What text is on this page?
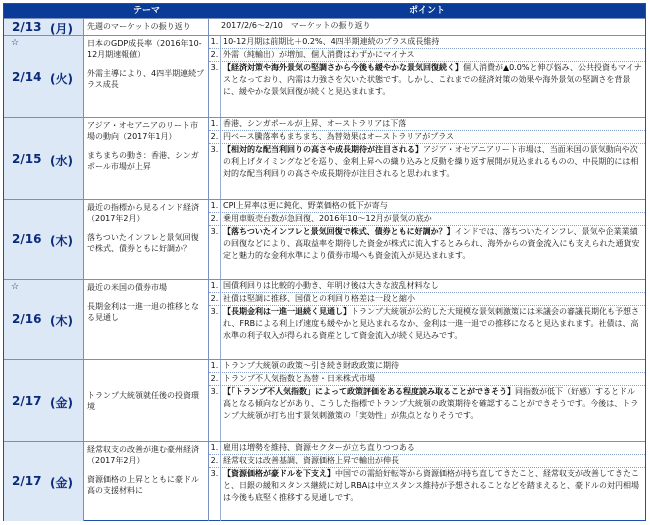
テーマ	ポイント
2/13 (月) 先週のマーケットの振り返り	2017/2/6～2/10　マーケットの振り返り
☆
2/14 (火)

日本のGDP成長率（2016年10-12月期速報値）

外需主導により、4四半期連続プラス成長

1. 10-12月期は前期比＋0.2%、4四半期連続のプラス成長維持
2. 外需（純輸出）が増加、個人消費はわずかにマイナス
3. 【経済対策や海外景気の堅調さから今後も緩やかな景気回復続く】個人消費が▲0.0%と伸び悩み、公共投資もマイナスとなっており、内需は力強さを欠いた状態です。しかし、これまでの経済対策の効果や海外景気の堅調さを背景に、緩やかな景気回復が続くと見込まれます。
2/15 (水)

アジア・オセアニアのリート市場の動向（2017年1月）

まちまちの動き：香港、シンガポール市場が上昇

1. 香港、シンガポールが上昇、オーストラリアは下落
2. 円ベース騰落率もまちまち、為替効果はオーストラリアがプラス
3. 【相対的な配当利回りの高さや成長期待が注目される】アジア・オセアニアリート市場は、当面米国の景気動向や次の利上げタイミングなどを巡り、金利上昇への織り込みと反動を繰り返す展開が見込まれるものの、中長期的には相対的な配当利回りの高さや成長期待が注目されると思われます。
2/16 (木)

最近の指標から見るインド経済（2017年2月）

落ちついたインフレと景気回復で株式、債券ともに好調か？

1. CPI上昇率は更に鈍化、野菜価格の低下が寄与
2. 乗用車販売台数が急回復、2016年10～12月が景気の底か
3. 【落ちついたインフレと景気回復で株式、債券ともに好調か？】インドでは、落ちついたインフレ、景気や企業業績の回復などにより、高取益率を期待した資金が株式に流入するとみられ、海外からの資金流入にも支えられた通貨安定と魅力的な金利水準により債券市場へも資金流入が見込まれます。
☆
2/16 (木)

最近の米国の債券市場

長期金利は一進一退の推移となる見通し

1. 国債利回りは比較的小動き、年明け後は大きな波乱材料なし
2. 社債は堅調に推移、国債との利回り格差は一段と縮小
3. 【長期金利は一進一退続く見通し】トランプ大統領が公約した大規模な景気刺激策には米議会の審議長期化も予想され、FRBによる利上げ速度も緩やかと見込まれるなか、金利は一進一退での推移になると見込まれます。社債は、高水準の利子収入が得られる資産として資金流入が続く見込みです。
2/17 (金)

トランプ大統領就任後の投資環境

1. トランプ大統領の政策～引き続き財政政策に期待
2. トランプ不人気指数と為替・日米株式市場
3. 【「トランプ不人気指数」によって政策評価をある程度読み取ることができそう】同指数が低下（好感）するとドル高となる傾向などがあり、こうした指標でトランプ大統領の政策期待を確認することができそうです。今後は、トランプ大統領が打ち出す景気刺激策の「実効性」が焦点となりそうです。
2/17 (金)

経常収支の改善が進む豪州経済（2017年2月）

資源価格の上昇とともに豪ドル高の支援材料に

1. 雇用は増勢を維持、資源セクターが立ち直りつつある
2. 経常収支は改善基調、資源価格上昇で輸出が伸長
3. 【資源価格が豪ドルを下支え】中国での需給好転等から資源価格が持ち直してきたこと、経常収支が改善してきたこと、日銀の緩和スタンス継続に対しRBAは中立スタンス維持が予想されることなどを踏まえると、豪ドルの対円相場は今後も底堅く推移する見通しです。
